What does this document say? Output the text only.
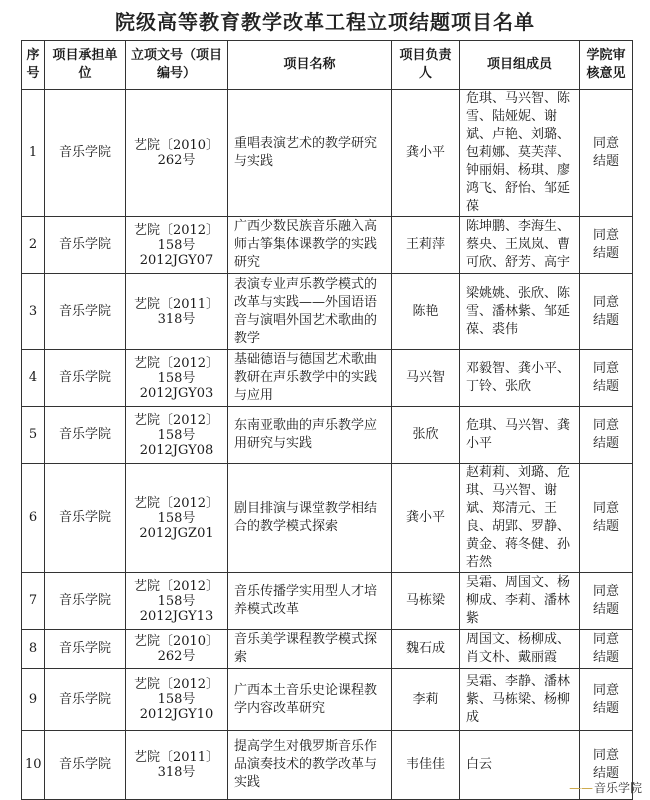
院级高等教育教学改革工程立项结题项目名单
序号	项目承担单位	立项文号（项目编号）	项目名称	项目负责人	项目组成员	学院审核意见
1	音乐学院	艺院〔2010〕
262号	重唱表演艺术的教学研究与实践	龚小平	危琪、马兴智、陈雪、陆娅妮、谢斌、卢艳、刘璐、包莉娜、莫芙萍、钟丽娟、杨琪、廖鸿飞、舒怡、邹延葆	同意结题
2	音乐学院	艺院〔2012〕
158号
2012JGY07	广西少数民族音乐融入高师古筝集体课教学的实践研究	王莉萍	陈坤鹏、李海生、蔡央、王岚岚、曹可欣、舒芳、高宇	同意结题
3	音乐学院	艺院〔2011〕
318号	表演专业声乐教学模式的改革与实践——外国语语音与演唱外国艺术歌曲的教学	陈艳	梁姚姚、张欣、陈雪、潘林紫、邹延葆、裘伟	同意结题
4	音乐学院	艺院〔2012〕
158号
2012JGY03	基础德语与德国艺术歌曲教研在声乐教学中的实践与应用	马兴智	邓毅智、龚小平、丁铃、张欣	同意结题
5	音乐学院	艺院〔2012〕
158号
2012JGY08	东南亚歌曲的声乐教学应用研究与实践	张欣	危琪、马兴智、龚小平	同意结题
6	音乐学院	艺院〔2012〕
158号
2012JGZ01	剧目排演与课堂教学相结合的教学模式探索	龚小平	赵莉莉、刘璐、危琪、马兴智、谢斌、郑清元、王良、胡郢、罗静、黄金、蒋冬健、孙若然	同意结题
7	音乐学院	艺院〔2012〕
158号
2012JGY13	音乐传播学实用型人才培养模式改革	马栋梁	吴霜、周国文、杨柳成、李莉、潘林紫	同意结题
8	音乐学院	艺院〔2010〕
262号	音乐美学课程教学模式探索	魏石成	周国文、杨柳成、肖文朴、戴丽霞	同意结题
9	音乐学院	艺院〔2012〕
158号
2012JGY10	广西本土音乐史论课程教学内容改革研究	李莉	吴霜、李静、潘林紫、马栋梁、杨柳成	同意结题
10	音乐学院	艺院〔2011〕
318号	提高学生对俄罗斯音乐作品演奏技术的教学改革与实践	韦佳佳	白云	同意结题
— — 音乐学院
